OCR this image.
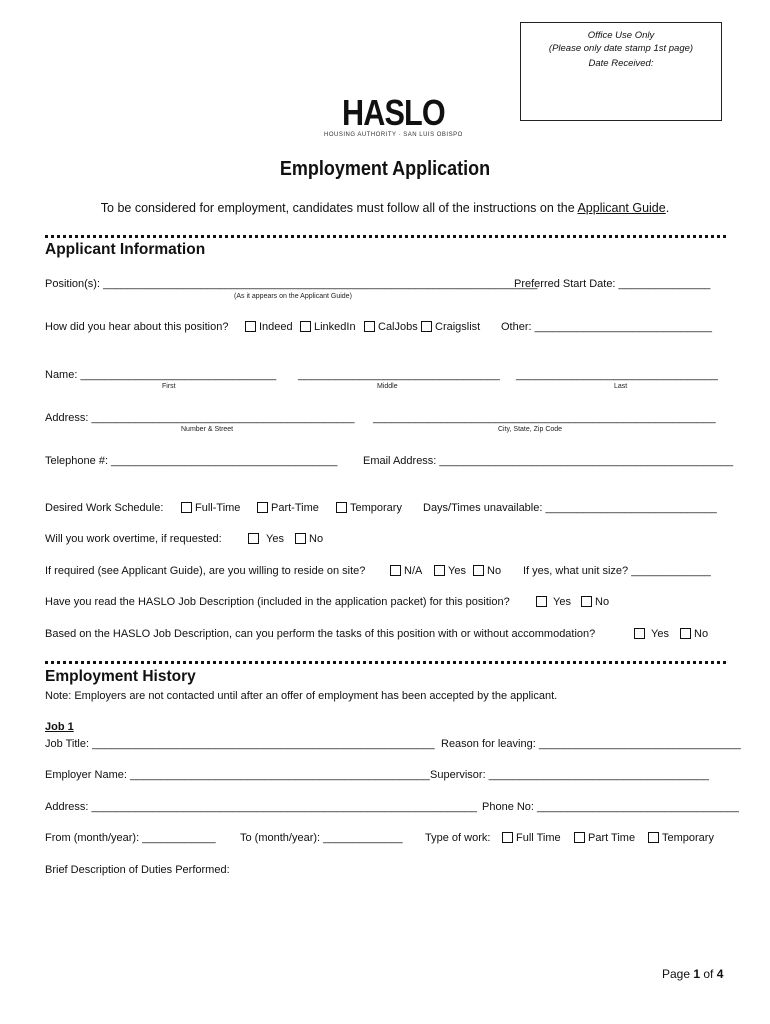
Office Use Only
(Please only date stamp 1st page)
Date Received:
HASLO
HOUSING AUTHORITY · SAN LUIS OBISPO
Employment Application
To be considered for employment, candidates must follow all of the instructions on the Applicant Guide.
Applicant Information
Position(s): _______________________________________________________________________
Preferred Start Date: _______________
(As it appears on the Applicant Guide)
How did you hear about this position?	Indeed	LinkedIn	CalJobs	Craigslist Other: _____________________________
Name: ________________________________ _________________________________ _________________________________
First	Middle	Last
Address: ___________________________________________ ________________________________________________________
Number & Street	City, State, Zip Code
Telephone #: _____________________________________ Email Address: ________________________________________________
Desired Work Schedule:	Full-Time	Part-Time	Temporary Days/Times unavailable: ____________________________
Will you work overtime, if requested:	Yes	No
If required (see Applicant Guide), are you willing to reside on site?	N/A	Yes	No If yes, what unit size? _____________
Have you read the HASLO Job Description (included in the application packet) for this position?	Yes	No
Based on the HASLO Job Description, can you perform the tasks of this position with or without accommodation?	Yes	No
Employment History
Note: Employers are not contacted until after an offer of employment has been accepted by the applicant.
Job 1
Job Title: ________________________________________________________ Reason for leaving: _________________________________
Employer Name: _________________________________________________ Supervisor: ____________________________________
Address: _______________________________________________________________ Phone No: _________________________________
From (month/year): ____________ To (month/year): _____________ Type of work:	Full Time	Part Time	Temporary
Brief Description of Duties Performed:
Page 1 of 4
